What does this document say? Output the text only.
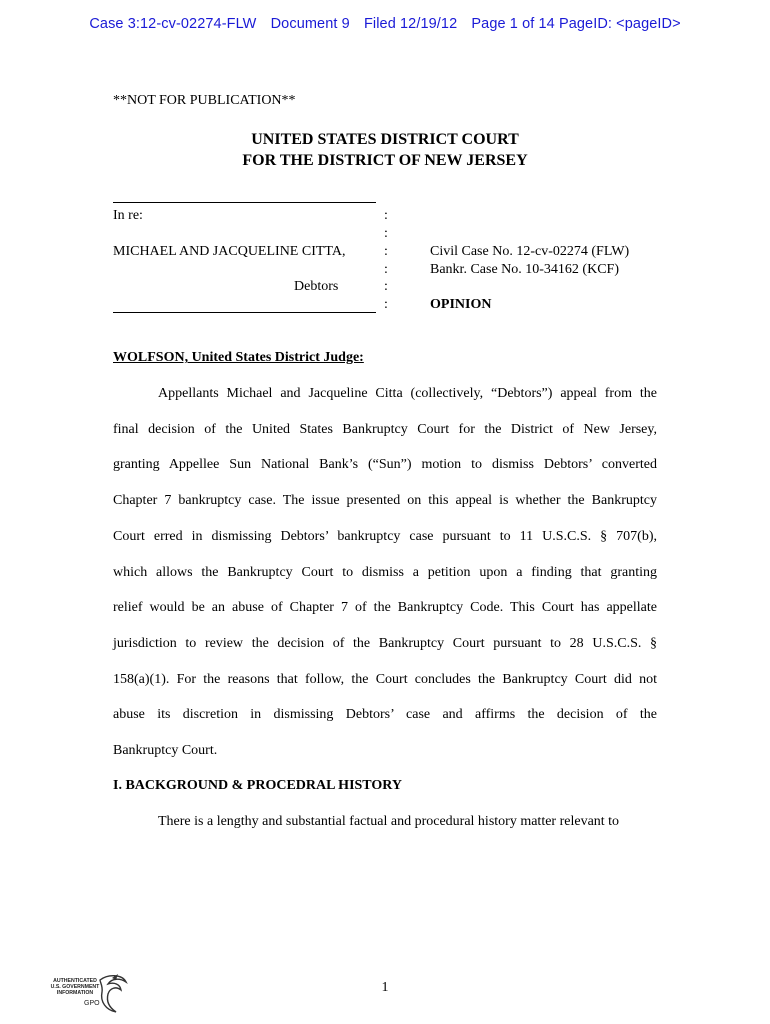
Case 3:12-cv-02274-FLW Document 9 Filed 12/19/12 Page 1 of 14 PageID: <pageID>
**NOT FOR PUBLICATION**
UNITED STATES DISTRICT COURT
FOR THE DISTRICT OF NEW JERSEY
In re:
MICHAEL AND JACQUELINE CITTA,
Debtors
:
:
:
:
:
:
Civil Case No. 12-cv-02274 (FLW)
Bankr. Case No. 10-34162 (KCF)
OPINION
WOLFSON, United States District Judge:
Appellants Michael and Jacqueline Citta (collectively, “Debtors”) appeal from the
final decision of the United States Bankruptcy Court for the District of New Jersey,
granting Appellee Sun National Bank’s (“Sun”) motion to dismiss Debtors’ converted
Chapter 7 bankruptcy case. The issue presented on this appeal is whether the Bankruptcy
Court erred in dismissing Debtors’ bankruptcy case pursuant to 11 U.S.C.S. § 707(b),
which allows the Bankruptcy Court to dismiss a petition upon a finding that granting
relief would be an abuse of Chapter 7 of the Bankruptcy Code. This Court has appellate
jurisdiction to review the decision of the Bankruptcy Court pursuant to 28 U.S.C.S. §
158(a)(1). For the reasons that follow, the Court concludes the Bankruptcy Court did not
abuse its discretion in dismissing Debtors’ case and affirms the decision of the
Bankruptcy Court.
I. BACKGROUND & PROCEDRAL HISTORY
There is a lengthy and substantial factual and procedural history matter relevant to
1
AUTHENTICATED
U.S. GOVERNMENT
INFORMATION
GPO
